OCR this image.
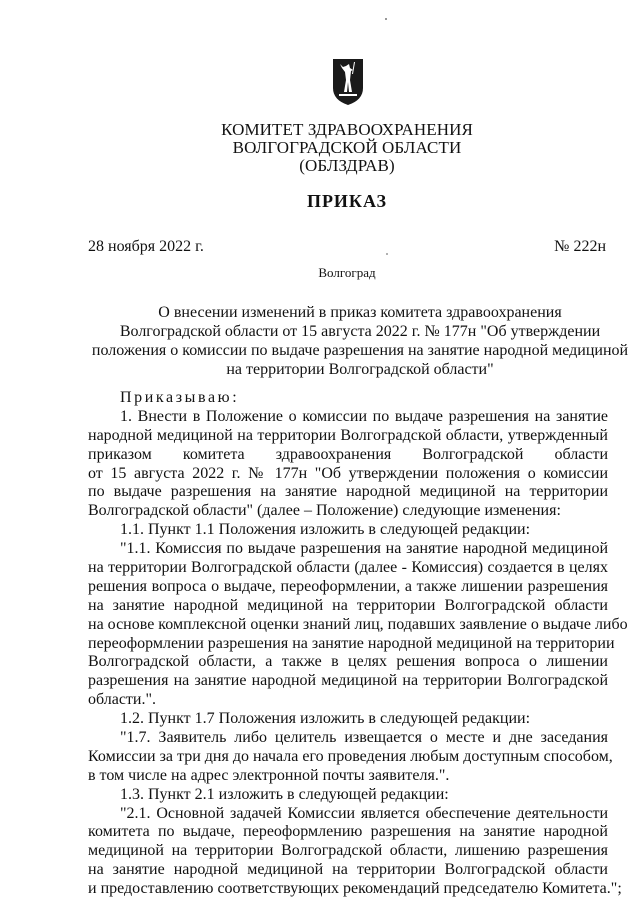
КОМИТЕТ ЗДРАВООХРАНЕНИЯ
ВОЛГОГРАДСКОЙ ОБЛАСТИ
(ОБЛЗДРАВ)
ПРИКАЗ
28 ноября 2022 г.	№ 222н
Волгоград
О внесении изменений в приказ комитета здравоохранения
Волгоградской области от 15 августа 2022 г. № 177н "Об утверждении
положения о комиссии по выдаче разрешения на занятие народной медициной
на территории Волгоградской области"
Приказываю:
1. Внести в Положение о комиссии по выдаче разрешения на занятие
народной медициной на территории Волгоградской области, утвержденный
приказом комитета здравоохранения Волгоградской области
от 15 августа 2022 г. № 177н "Об утверждении положения о комиссии
по выдаче разрешения на занятие народной медициной на территории
Волгоградской области" (далее – Положение) следующие изменения:
1.1. Пункт 1.1 Положения изложить в следующей редакции:
"1.1. Комиссия по выдаче разрешения на занятие народной медициной
на территории Волгоградской области (далее - Комиссия) создается в целях
решения вопроса о выдаче, переоформлении, а также лишении разрешения
на занятие народной медициной на территории Волгоградской области
на основе комплексной оценки знаний лиц, подавших заявление о выдаче либо
переоформлении разрешения на занятие народной медициной на территории
Волгоградской области, а также в целях решения вопроса о лишении
разрешения на занятие народной медициной на территории Волгоградской
области.".
1.2. Пункт 1.7 Положения изложить в следующей редакции:
"1.7. Заявитель либо целитель извещается о месте и дне заседания
Комиссии за три дня до начала его проведения любым доступным способом,
в том числе на адрес электронной почты заявителя.".
1.3. Пункт 2.1 изложить в следующей редакции:
"2.1. Основной задачей Комиссии является обеспечение деятельности
комитета по выдаче, переоформлению разрешения на занятие народной
медициной на территории Волгоградской области, лишению разрешения
на занятие народной медициной на территории Волгоградской области
и предоставлению соответствующих рекомендаций председателю Комитета.";
